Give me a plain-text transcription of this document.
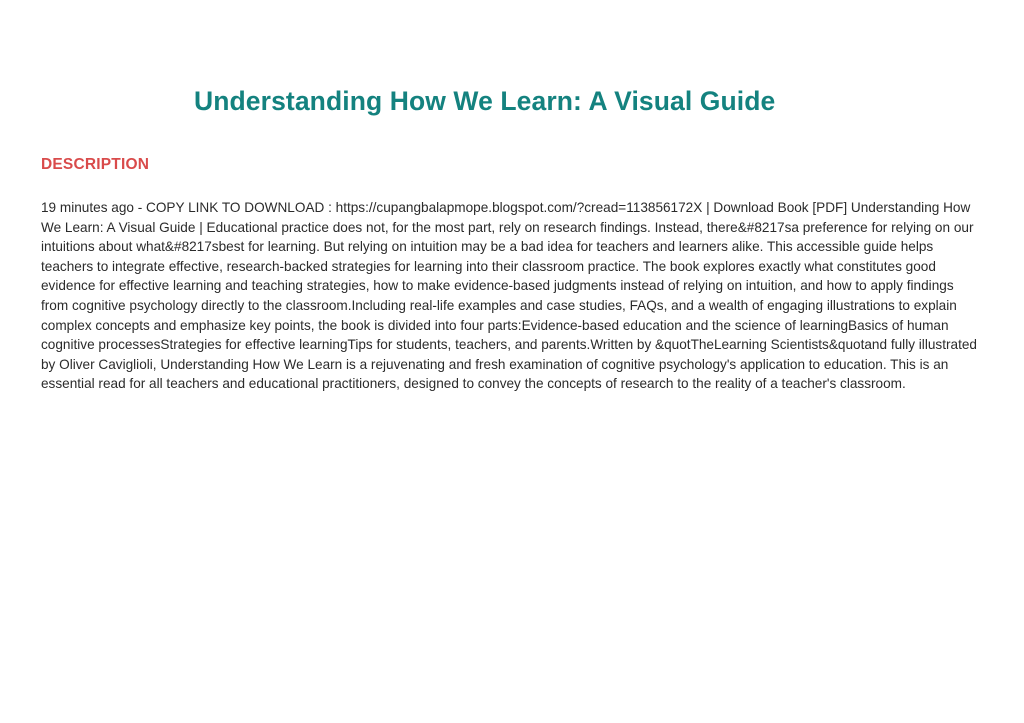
Understanding How We Learn: A Visual Guide
DESCRIPTION
19 minutes ago - COPY LINK TO DOWNLOAD : https://cupangbalapmope.blogspot.com/?cread=113856172X | Download Book [PDF] Understanding How We Learn: A Visual Guide | Educational practice does not, for the most part, rely on research findings. Instead, there&#8217sa preference for relying on our intuitions about what&#8217sbest for learning. But relying on intuition may be a bad idea for teachers and learners alike. This accessible guide helps teachers to integrate effective, research-backed strategies for learning into their classroom practice. The book explores exactly what constitutes good evidence for effective learning and teaching strategies, how to make evidence-based judgments instead of relying on intuition, and how to apply findings from cognitive psychology directly to the classroom.Including real-life examples and case studies, FAQs, and a wealth of engaging illustrations to explain complex concepts and emphasize key points, the book is divided into four parts:Evidence-based education and the science of learningBasics of human cognitive processesStrategies for effective learningTips for students, teachers, and parents.Written by &quotTheLearning Scientists&quotand fully illustrated by Oliver Caviglioli, Understanding How We Learn is a rejuvenating and fresh examination of cognitive psychology's application to education. This is an essential read for all teachers and educational practitioners, designed to convey the concepts of research to the reality of a teacher's classroom.
